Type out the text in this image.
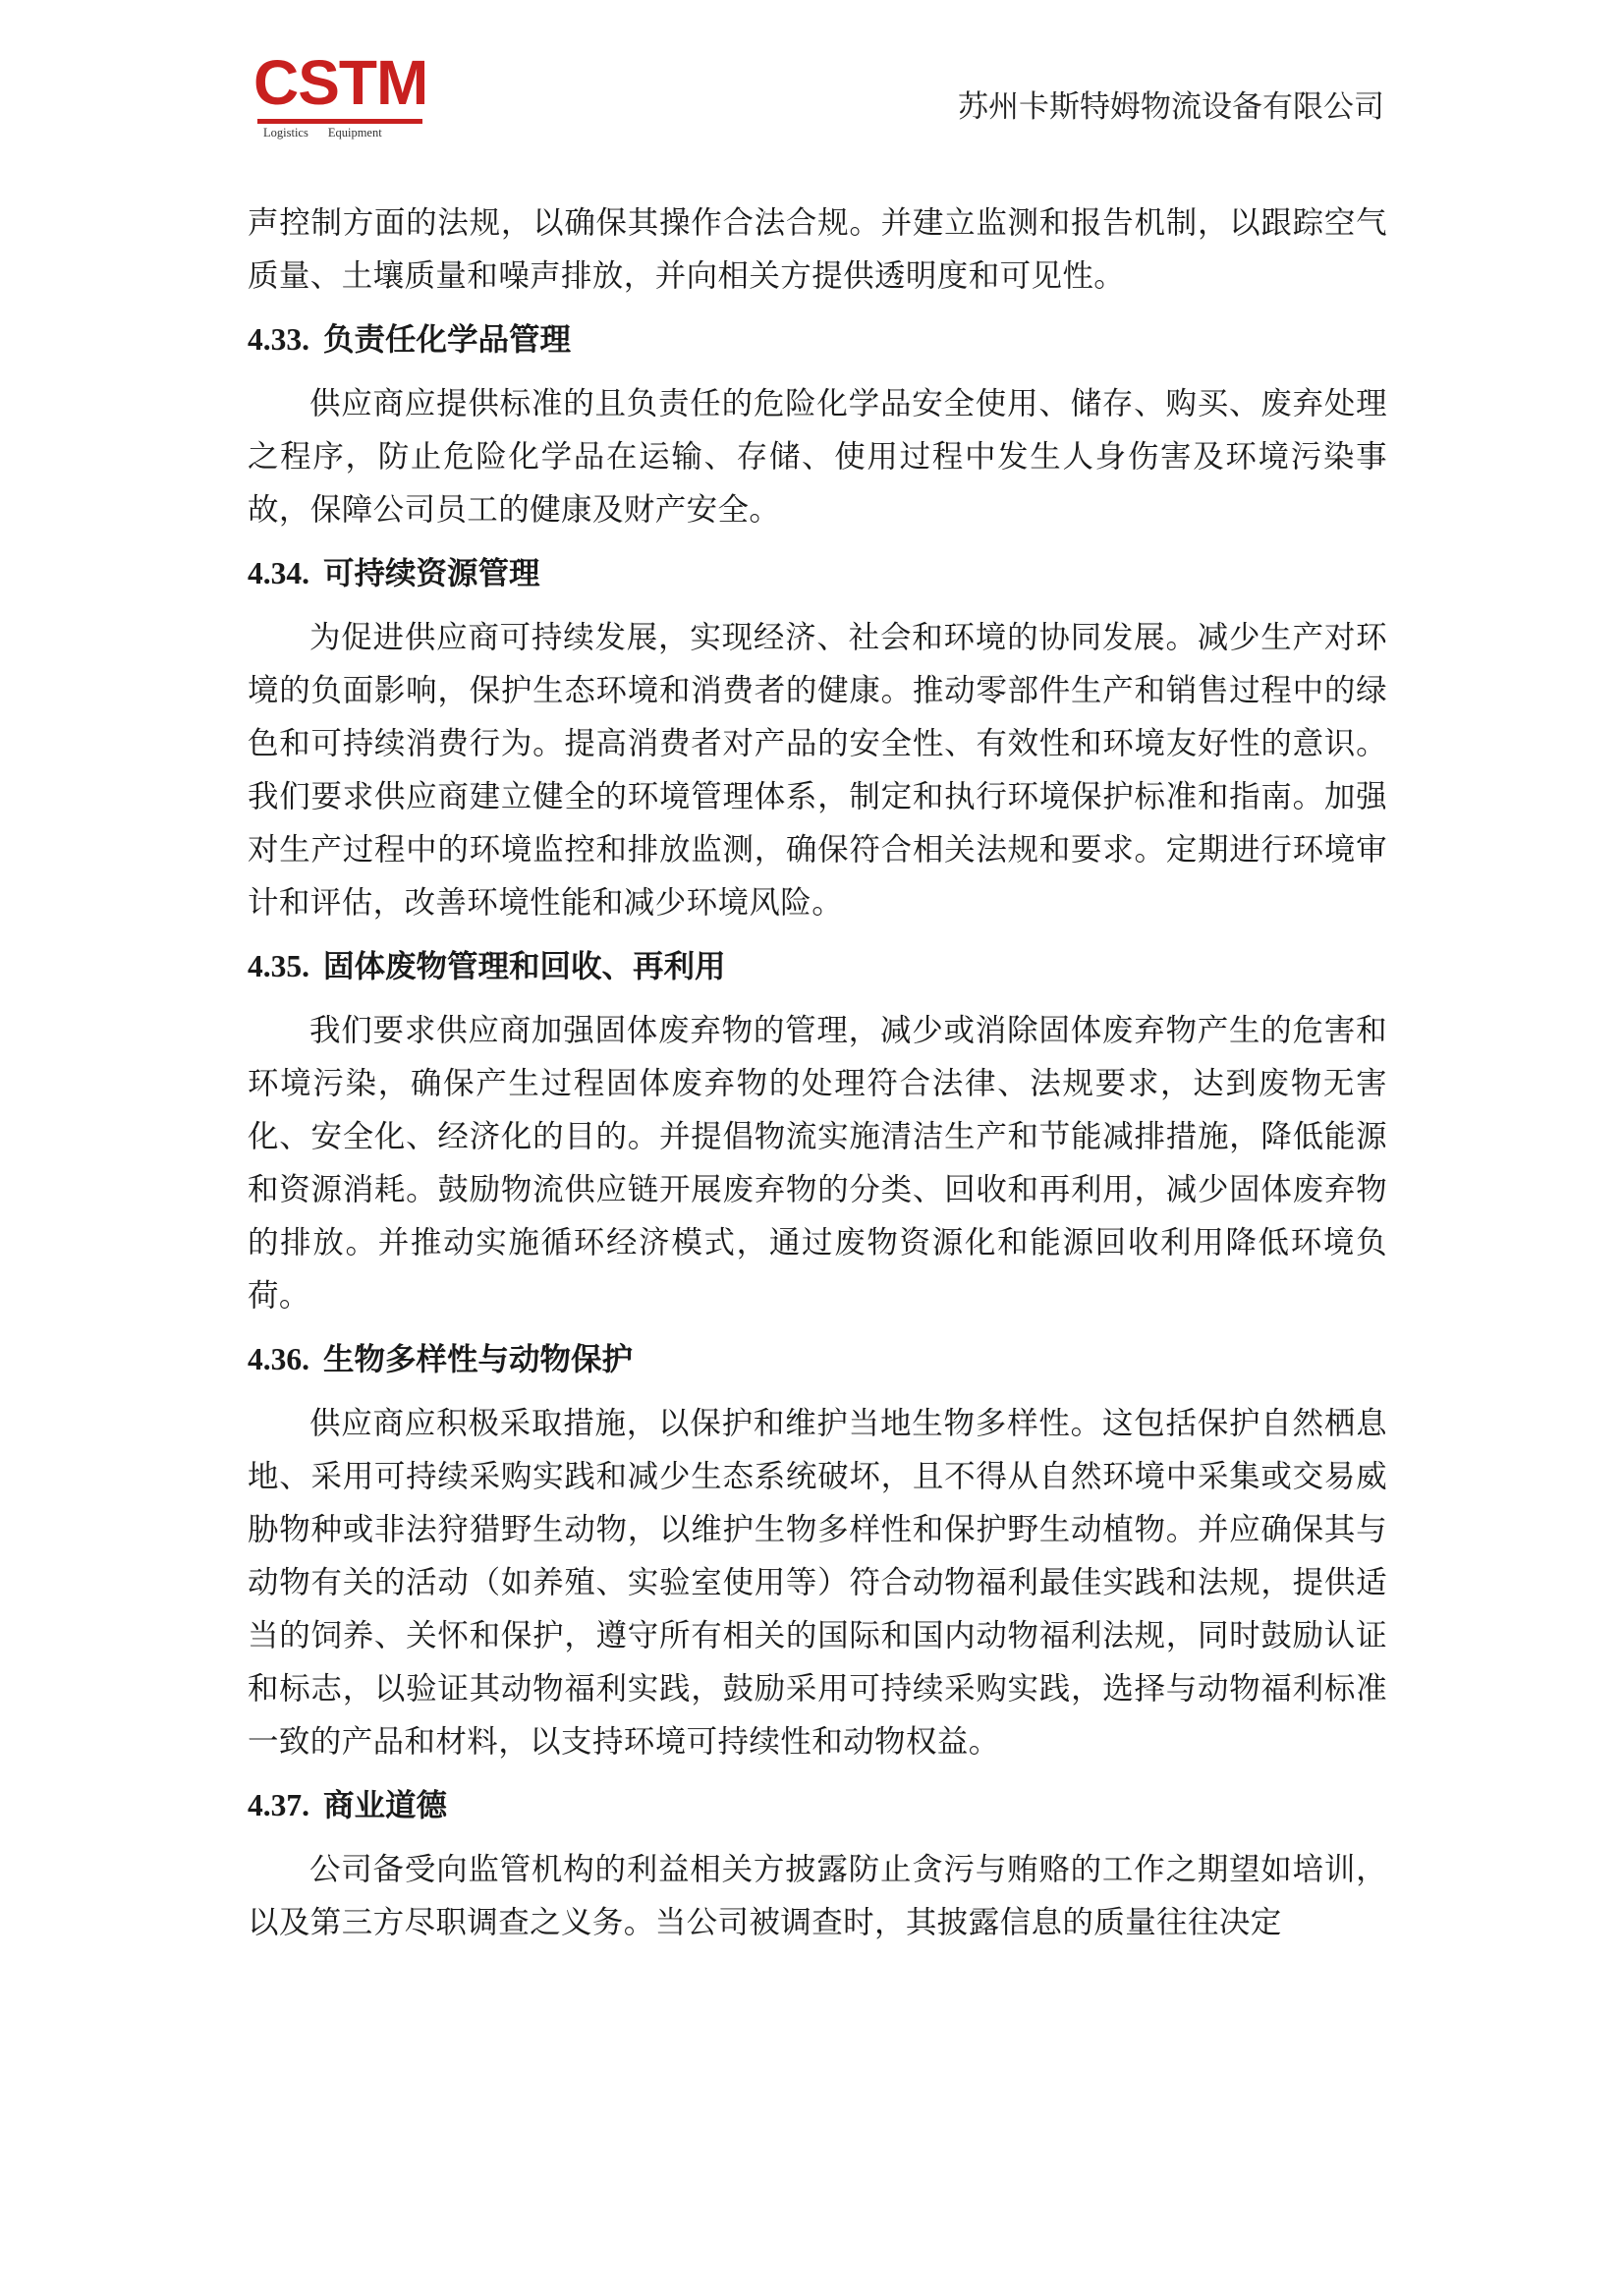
CSTM
Logistics Equipment
苏州卡斯特姆物流设备有限公司

声控制方面的法规，以确保其操作合法合规。并建立监测和报告机制，以跟踪空气质量、土壤质量和噪声排放，并向相关方提供透明度和可见性。

4.33. 负责任化学品管理

供应商应提供标准的且负责任的危险化学品安全使用、储存、购买、废弃处理之程序，防止危险化学品在运输、存储、使用过程中发生人身伤害及环境污染事故，保障公司员工的健康及财产安全。

4.34. 可持续资源管理

为促进供应商可持续发展，实现经济、社会和环境的协同发展。减少生产对环境的负面影响，保护生态环境和消费者的健康。推动零部件生产和销售过程中的绿色和可持续消费行为。提高消费者对产品的安全性、有效性和环境友好性的意识。我们要求供应商建立健全的环境管理体系，制定和执行环境保护标准和指南。加强对生产过程中的环境监控和排放监测，确保符合相关法规和要求。定期进行环境审计和评估，改善环境性能和减少环境风险。

4.35. 固体废物管理和回收、再利用

我们要求供应商加强固体废弃物的管理，减少或消除固体废弃物产生的危害和环境污染，确保产生过程固体废弃物的处理符合法律、法规要求，达到废物无害化、安全化、经济化的目的。并提倡物流实施清洁生产和节能减排措施，降低能源和资源消耗。鼓励物流供应链开展废弃物的分类、回收和再利用，减少固体废弃物的排放。并推动实施循环经济模式，通过废物资源化和能源回收利用降低环境负荷。

4.36. 生物多样性与动物保护

供应商应积极采取措施，以保护和维护当地生物多样性。这包括保护自然栖息地、采用可持续采购实践和减少生态系统破坏，且不得从自然环境中采集或交易威胁物种或非法狩猎野生动物，以维护生物多样性和保护野生动植物。并应确保其与动物有关的活动（如养殖、实验室使用等）符合动物福利最佳实践和法规，提供适当的饲养、关怀和保护，遵守所有相关的国际和国内动物福利法规，同时鼓励认证和标志，以验证其动物福利实践，鼓励采用可持续采购实践，选择与动物福利标准一致的产品和材料，以支持环境可持续性和动物权益。

4.37. 商业道德

公司备受向监管机构的利益相关方披露防止贪污与贿赂的工作之期望如培训，以及第三方尽职调查之义务。当公司被调查时，其披露信息的质量往往决定
